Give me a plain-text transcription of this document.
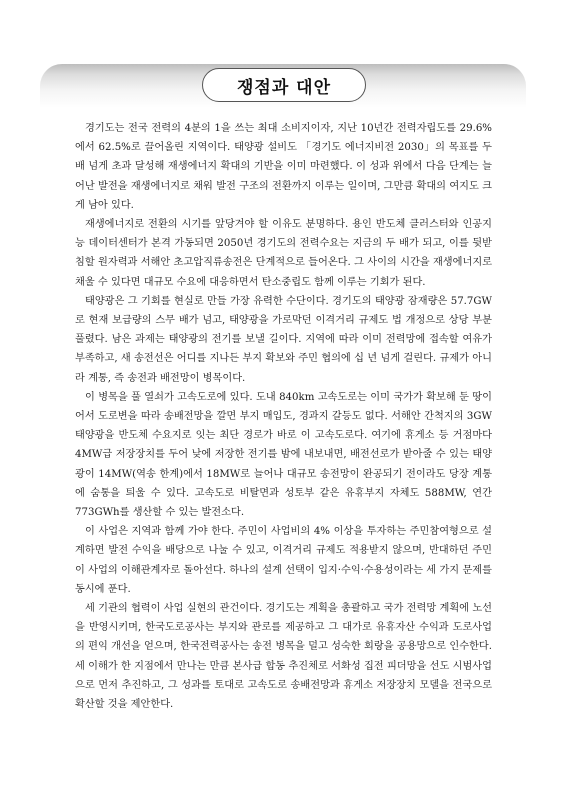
쟁점과 대안

경기도는 전국 전력의 4분의 1을 쓰는 최대 소비지이자, 지난 10년간 전력자립도를 29.6%에서 62.5%로 끌어올린 지역이다. 태양광 설비도 「경기도 에너지비전 2030」의 목표를 두 배 넘게 초과 달성해 재생에너지 확대의 기반을 이미 마련했다. 이 성과 위에서 다음 단계는 늘어난 발전을 재생에너지로 채워 발전 구조의 전환까지 이루는 일이며, 그만큼 확대의 여지도 크게 남아 있다.

재생에너지로 전환의 시기를 앞당겨야 할 이유도 분명하다. 용인 반도체 클러스터와 인공지능 데이터센터가 본격 가동되면 2050년 경기도의 전력수요는 지금의 두 배가 되고, 이를 뒷받침할 원자력과 서해안 초고압직류송전은 단계적으로 들어온다. 그 사이의 시간을 재생에너지로 채울 수 있다면 대규모 수요에 대응하면서 탄소중립도 함께 이루는 기회가 된다.

태양광은 그 기회를 현실로 만들 가장 유력한 수단이다. 경기도의 태양광 잠재량은 57.7GW로 현재 보급량의 스무 배가 넘고, 태양광을 가로막던 이격거리 규제도 법 개정으로 상당 부분 풀렸다. 남은 과제는 태양광의 전기를 보낼 길이다. 지역에 따라 이미 전력망에 접속할 여유가 부족하고, 새 송전선은 어디를 지나든 부지 확보와 주민 협의에 십 년 넘게 걸린다. 규제가 아니라 계통, 즉 송전과 배전망이 병목이다.

이 병목을 풀 열쇠가 고속도로에 있다. 도내 840km 고속도로는 이미 국가가 확보해 둔 땅이어서 도로변을 따라 송배전망을 깔면 부지 매입도, 경과지 갈등도 없다. 서해안 간척지의 3GW 태양광을 반도체 수요지로 잇는 최단 경로가 바로 이 고속도로다. 여기에 휴게소 등 거점마다 4MW급 저장장치를 두어 낮에 저장한 전기를 밤에 내보내면, 배전선로가 받아줄 수 있는 태양광이 14MW(역송 한계)에서 18MW로 늘어나 대규모 송전망이 완공되기 전이라도 당장 계통에 숨통을 틔울 수 있다. 고속도로 비탈면과 성토부 같은 유휴부지 자체도 588MW, 연간 773GWh를 생산할 수 있는 발전소다.

이 사업은 지역과 함께 가야 한다. 주민이 사업비의 4% 이상을 투자하는 주민참여형으로 설계하면 발전 수익을 배당으로 나눌 수 있고, 이격거리 규제도 적용받지 않으며, 반대하던 주민이 사업의 이해관계자로 돌아선다. 하나의 설계 선택이 입지·수익·수용성이라는 세 가지 문제를 동시에 푼다.

세 기관의 협력이 사업 실현의 관건이다. 경기도는 계획을 총괄하고 국가 전력망 계획에 노선을 반영시키며, 한국도로공사는 부지와 관로를 제공하고 그 대가로 유휴자산 수익과 도로사업의 편익 개선을 얻으며, 한국전력공사는 송전 병목을 덜고 성숙한 회랑을 공용망으로 인수한다. 세 이해가 한 지점에서 만나는 만큼 본사급 합동 추진체로 서화성 집전 피더망을 선도 시범사업으로 먼저 추진하고, 그 성과를 토대로 고속도로 송배전망과 휴게소 저장장치 모델을 전국으로 확산할 것을 제안한다.
